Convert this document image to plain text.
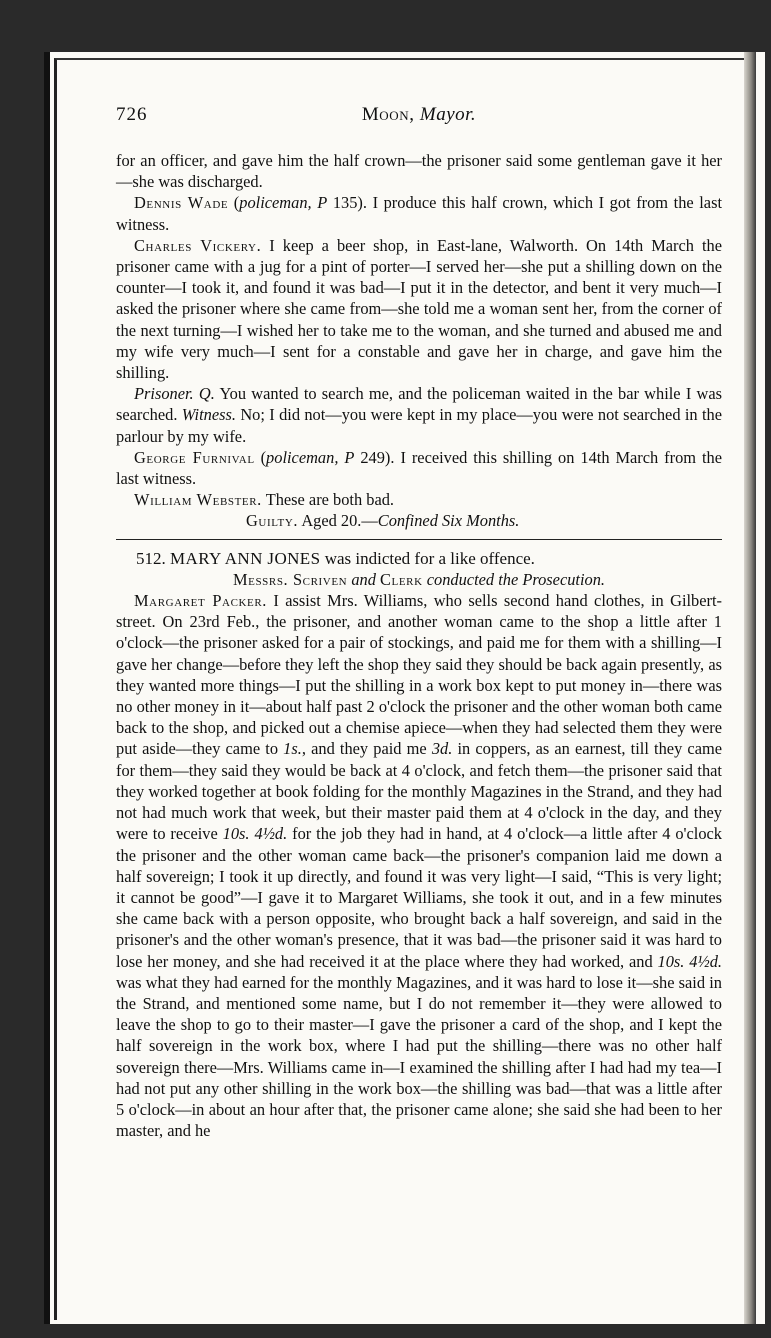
726	Moon, Mayor.

for an officer, and gave him the half crown—the prisoner said some gentleman gave it her—she was discharged.

Dennis Wade (policeman, P 135). I produce this half crown, which I got from the last witness.

Charles Vickery. I keep a beer shop, in East-lane, Walworth. On 14th March the prisoner came with a jug for a pint of porter—I served her—she put a shilling down on the counter—I took it, and found it was bad—I put it in the detector, and bent it very much—I asked the prisoner where she came from—she told me a woman sent her, from the corner of the next turning—I wished her to take me to the woman, and she turned and abused me and my wife very much—I sent for a constable and gave her in charge, and gave him the shilling.

Prisoner. Q. You wanted to search me, and the policeman waited in the bar while I was searched. Witness. No; I did not—you were kept in my place—you were not searched in the parlour by my wife.

George Furnival (policeman, P 249). I received this shilling on 14th March from the last witness.

William Webster. These are both bad.

Guilty. Aged 20.—Confined Six Months.

512. MARY ANN JONES was indicted for a like offence.

Messrs. Scriven and Clerk conducted the Prosecution.

Margaret Packer. I assist Mrs. Williams, who sells second hand clothes, in Gilbert-street. On 23rd Feb., the prisoner, and another woman came to the shop a little after 1 o'clock—the prisoner asked for a pair of stockings, and paid me for them with a shilling—I gave her change—before they left the shop they said they should be back again presently, as they wanted more things—I put the shilling in a work box kept to put money in—there was no other money in it—about half past 2 o'clock the prisoner and the other woman both came back to the shop, and picked out a chemise apiece—when they had selected them they were put aside—they came to 1s., and they paid me 3d. in coppers, as an earnest, till they came for them—they said they would be back at 4 o'clock, and fetch them—the prisoner said that they worked together at book folding for the monthly Magazines in the Strand, and they had not had much work that week, but their master paid them at 4 o'clock in the day, and they were to receive 10s. 4½d. for the job they had in hand, at 4 o'clock—a little after 4 o'clock the prisoner and the other woman came back—the prisoner's companion laid me down a half sovereign; I took it up directly, and found it was very light—I said, “This is very light; it cannot be good”—I gave it to Margaret Williams, she took it out, and in a few minutes she came back with a person opposite, who brought back a half sovereign, and said in the prisoner's and the other woman's presence, that it was bad—the prisoner said it was hard to lose her money, and she had received it at the place where they had worked, and 10s. 4½d. was what they had earned for the monthly Magazines, and it was hard to lose it—she said in the Strand, and mentioned some name, but I do not remember it—they were allowed to leave the shop to go to their master—I gave the prisoner a card of the shop, and I kept the half sovereign in the work box, where I had put the shilling—there was no other half sovereign there—Mrs. Williams came in—I examined the shilling after I had had my tea—I had not put any other shilling in the work box—the shilling was bad—that was a little after 5 o'clock—in about an hour after that, the prisoner came alone; she said she had been to her master, and he
